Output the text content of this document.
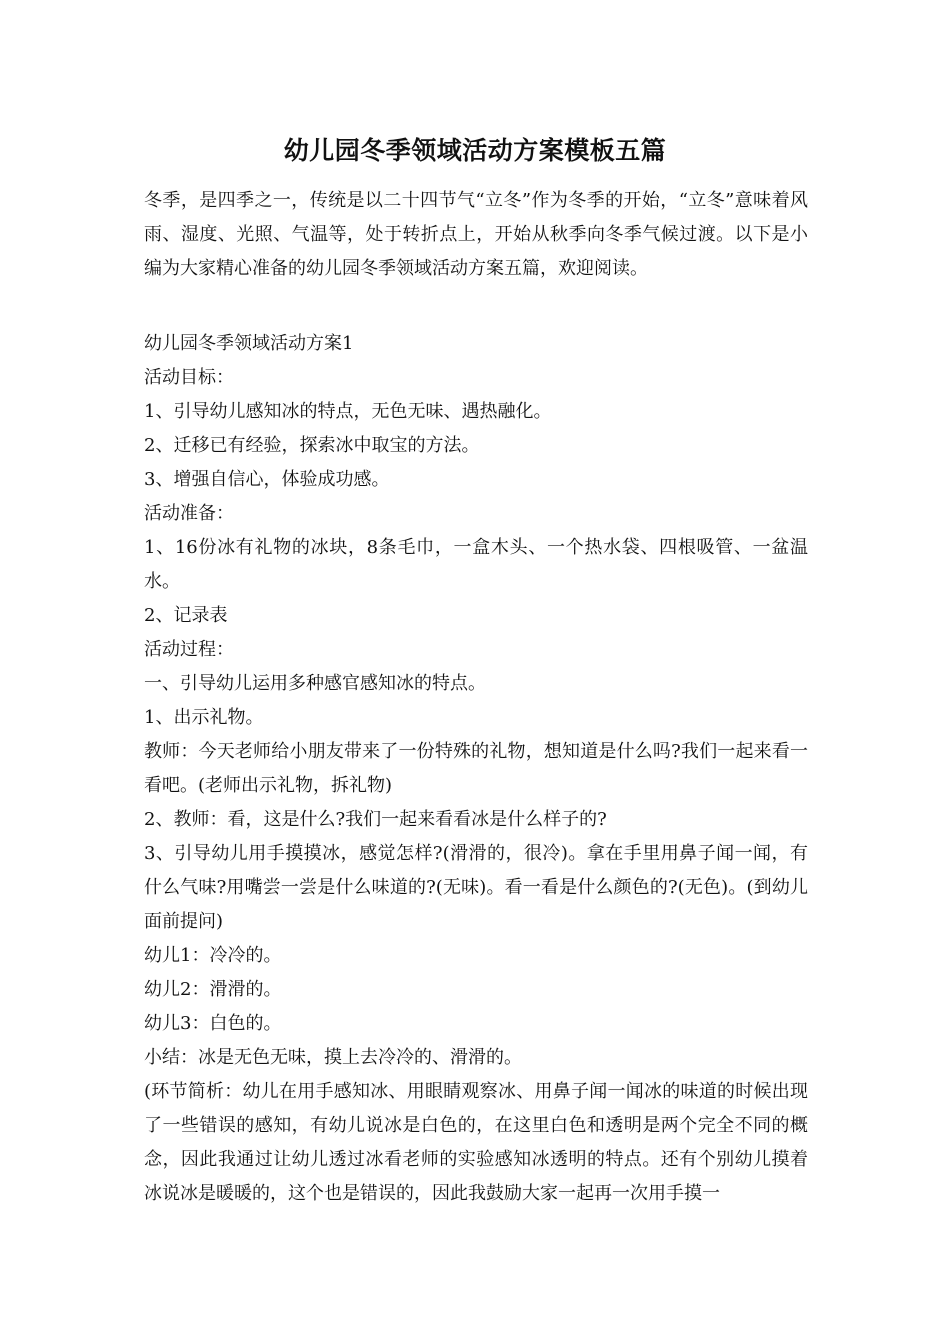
幼儿园冬季领域活动方案模板五篇

冬季，是四季之一，传统是以二十四节气“立冬”作为冬季的开始，“立冬”意味着风雨、湿度、光照、气温等，处于转折点上，开始从秋季向冬季气候过渡。以下是小编为大家精心准备的幼儿园冬季领域活动方案五篇，欢迎阅读。

幼儿园冬季领域活动方案1

活动目标：

1、引导幼儿感知冰的特点，无色无味、遇热融化。

2、迁移已有经验，探索冰中取宝的方法。

3、增强自信心，体验成功感。

活动准备：

1、16份冰有礼物的冰块，8条毛巾，一盒木头、一个热水袋、四根吸管、一盆温水。

2、记录表

活动过程：

一、引导幼儿运用多种感官感知冰的特点。

1、出示礼物。

教师：今天老师给小朋友带来了一份特殊的礼物，想知道是什么吗?我们一起来看一看吧。(老师出示礼物，拆礼物)

2、教师：看，这是什么?我们一起来看看冰是什么样子的?

3、引导幼儿用手摸摸冰，感觉怎样?(滑滑的，很冷)。拿在手里用鼻子闻一闻，有什么气味?用嘴尝一尝是什么味道的?(无味)。看一看是什么颜色的?(无色)。(到幼儿面前提问)

幼儿1：冷冷的。

幼儿2：滑滑的。

幼儿3：白色的。

小结：冰是无色无味，摸上去冷冷的、滑滑的。

(环节简析：幼儿在用手感知冰、用眼睛观察冰、用鼻子闻一闻冰的味道的时候出现了一些错误的感知，有幼儿说冰是白色的，在这里白色和透明是两个完全不同的概念，因此我通过让幼儿透过冰看老师的实验感知冰透明的特点。还有个别幼儿摸着冰说冰是暖暖的，这个也是错误的，因此我鼓励大家一起再一次用手摸一
